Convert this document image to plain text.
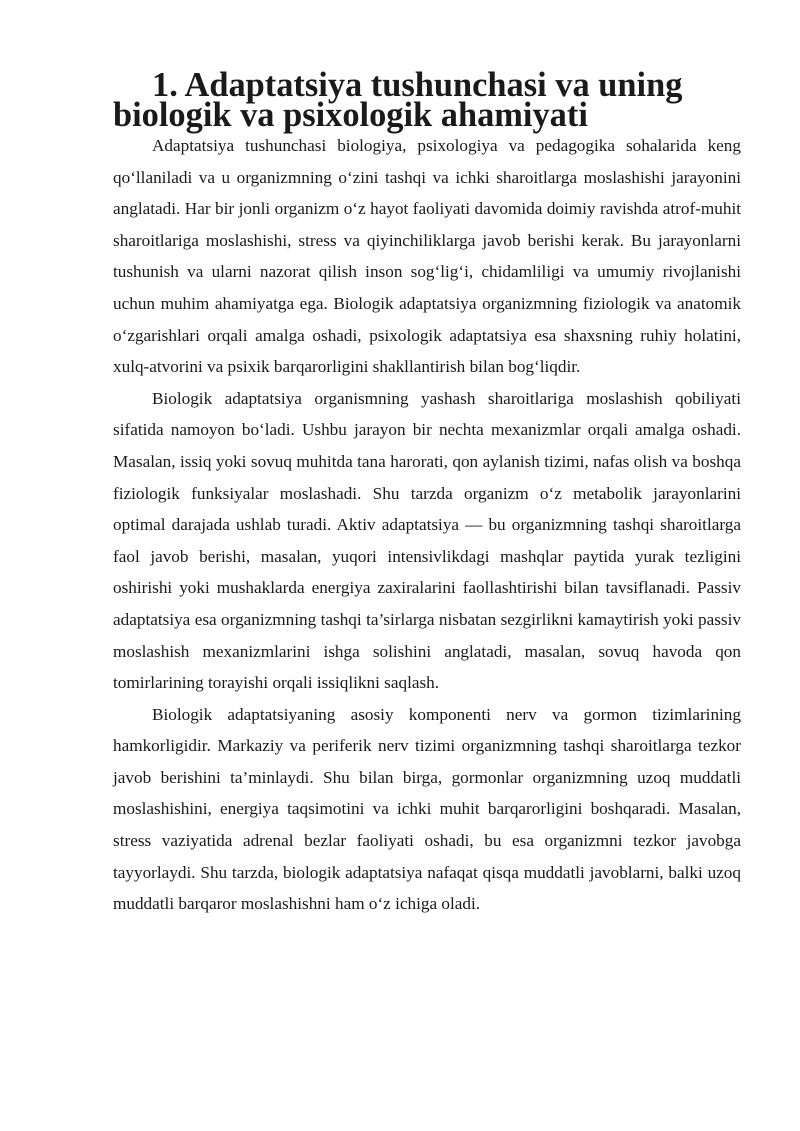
1. Adaptatsiya tushunchasi va uning biologik va psixologik ahamiyati

Adaptatsiya tushunchasi biologiya, psixologiya va pedagogika sohalarida keng qo‘llaniladi va u organizmning o‘zini tashqi va ichki sharoitlarga moslashishi jarayonini anglatadi. Har bir jonli organizm o‘z hayot faoliyati davomida doimiy ravishda atrof-muhit sharoitlariga moslashishi, stress va qiyinchiliklarga javob berishi kerak. Bu jarayonlarni tushunish va ularni nazorat qilish inson sog‘lig‘i, chidamliligi va umumiy rivojlanishi uchun muhim ahamiyatga ega. Biologik adaptatsiya organizmning fiziologik va anatomik o‘zgarishlari orqali amalga oshadi, psixologik adaptatsiya esa shaxsning ruhiy holatini, xulq-atvorini va psixik barqarorligini shakllantirish bilan bog‘liqdir.

Biologik adaptatsiya organismning yashash sharoitlariga moslashish qobiliyati sifatida namoyon bo‘ladi. Ushbu jarayon bir nechta mexanizmlar orqali amalga oshadi. Masalan, issiq yoki sovuq muhitda tana harorati, qon aylanish tizimi, nafas olish va boshqa fiziologik funksiyalar moslashadi. Shu tarzda organizm o‘z metabolik jarayonlarini optimal darajada ushlab turadi. Aktiv adaptatsiya — bu organizmning tashqi sharoitlarga faol javob berishi, masalan, yuqori intensivlikdagi mashqlar paytida yurak tezligini oshirishi yoki mushaklarda energiya zaxiralarini faollashtirishi bilan tavsiflanadi. Passiv adaptatsiya esa organizmning tashqi ta’sirlarga nisbatan sezgirlikni kamaytirish yoki passiv moslashish mexanizmlarini ishga solishini anglatadi, masalan, sovuq havoda qon tomirlarining torayishi orqali issiqlikni saqlash.

Biologik adaptatsiyaning asosiy komponenti nerv va gormon tizimlarining hamkorligidir. Markaziy va periferik nerv tizimi organizmning tashqi sharoitlarga tezkor javob berishini ta’minlaydi. Shu bilan birga, gormonlar organizmning uzoq muddatli moslashishini, energiya taqsimotini va ichki muhit barqarorligini boshqaradi. Masalan, stress vaziyatida adrenal bezlar faoliyati oshadi, bu esa organizmni tezkor javobga tayyorlaydi. Shu tarzda, biologik adaptatsiya nafaqat qisqa muddatli javoblarni, balki uzoq muddatli barqaror moslashishni ham o‘z ichiga oladi.
